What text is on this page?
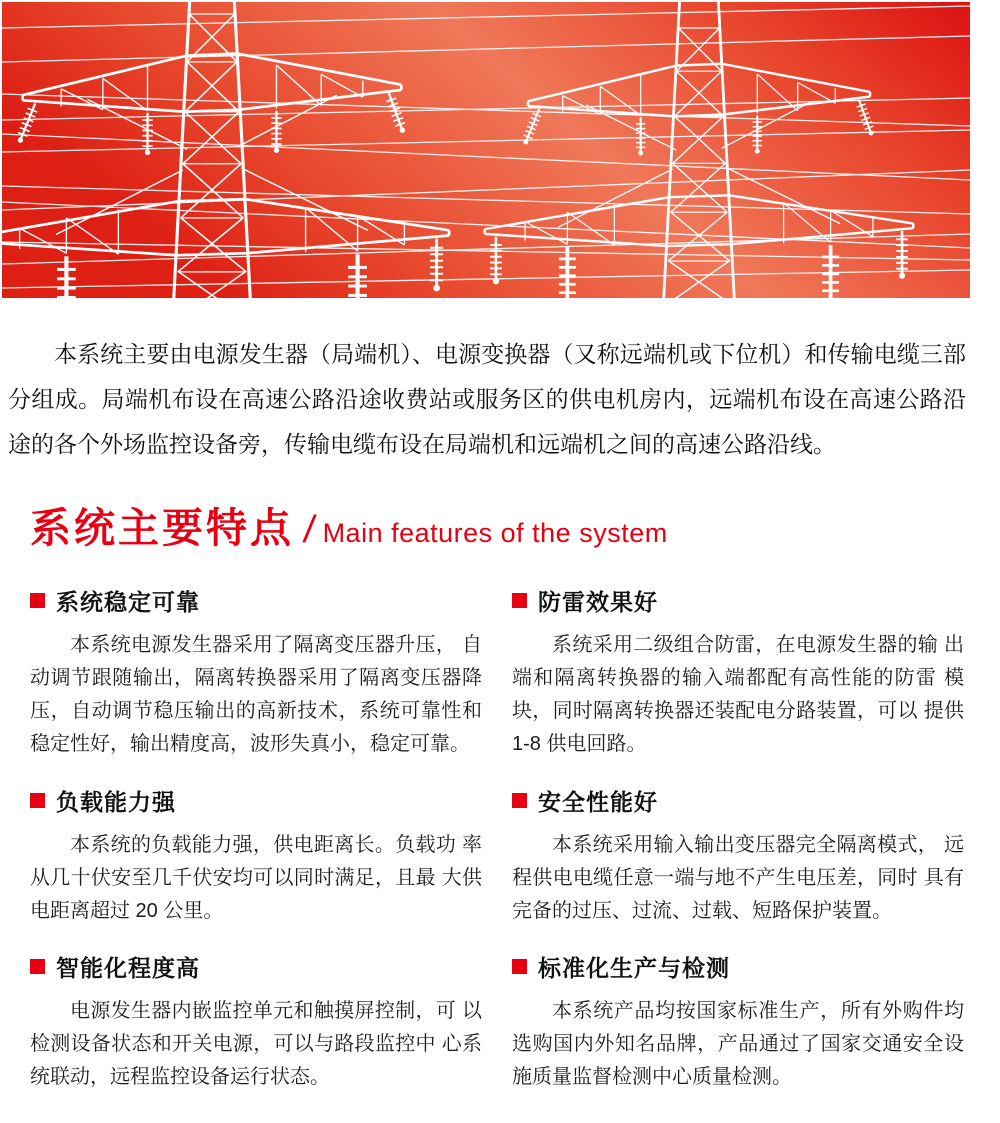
本系统主要由电源发生器（局端机）、电源变换器（又称远端机或下位机）和传输电缆三部分组成。局端机布设在高速公路沿途收费站或服务区的供电机房内，远端机布设在高速公路沿途的各个外场监控设备旁，传输电缆布设在局端机和远端机之间的高速公路沿线。

系统主要特点 / Main features of the system
系统稳定可靠

本系统电源发生器采用了隔离变压器升压， 自动调节跟随输出，隔离转换器采用了隔离变压器降压，自动调节稳压输出的高新技术，系统可靠性和稳定性好，输出精度高，波形失真小，稳定可靠。

负载能力强

本系统的负载能力强，供电距离长。负载功 率从几十伏安至几千伏安均可以同时满足，且最 大供电距离超过 20 公里。

智能化程度高

电源发生器内嵌监控单元和触摸屏控制，可 以检测设备状态和开关电源，可以与路段监控中 心系统联动，远程监控设备运行状态。

防雷效果好

系统采用二级组合防雷，在电源发生器的输 出端和隔离转换器的输入端都配有高性能的防雷 模块，同时隔离转换器还装配电分路装置，可以 提供1-8 供电回路。

安全性能好

本系统采用输入输出变压器完全隔离模式， 远程供电电缆任意一端与地不产生电压差，同时 具有完备的过压、过流、过载、短路保护装置。

标准化生产与检测

本系统产品均按国家标准生产，所有外购件均选购国内外知名品牌，产品通过了国家交通安全设施质量监督检测中心质量检测。
